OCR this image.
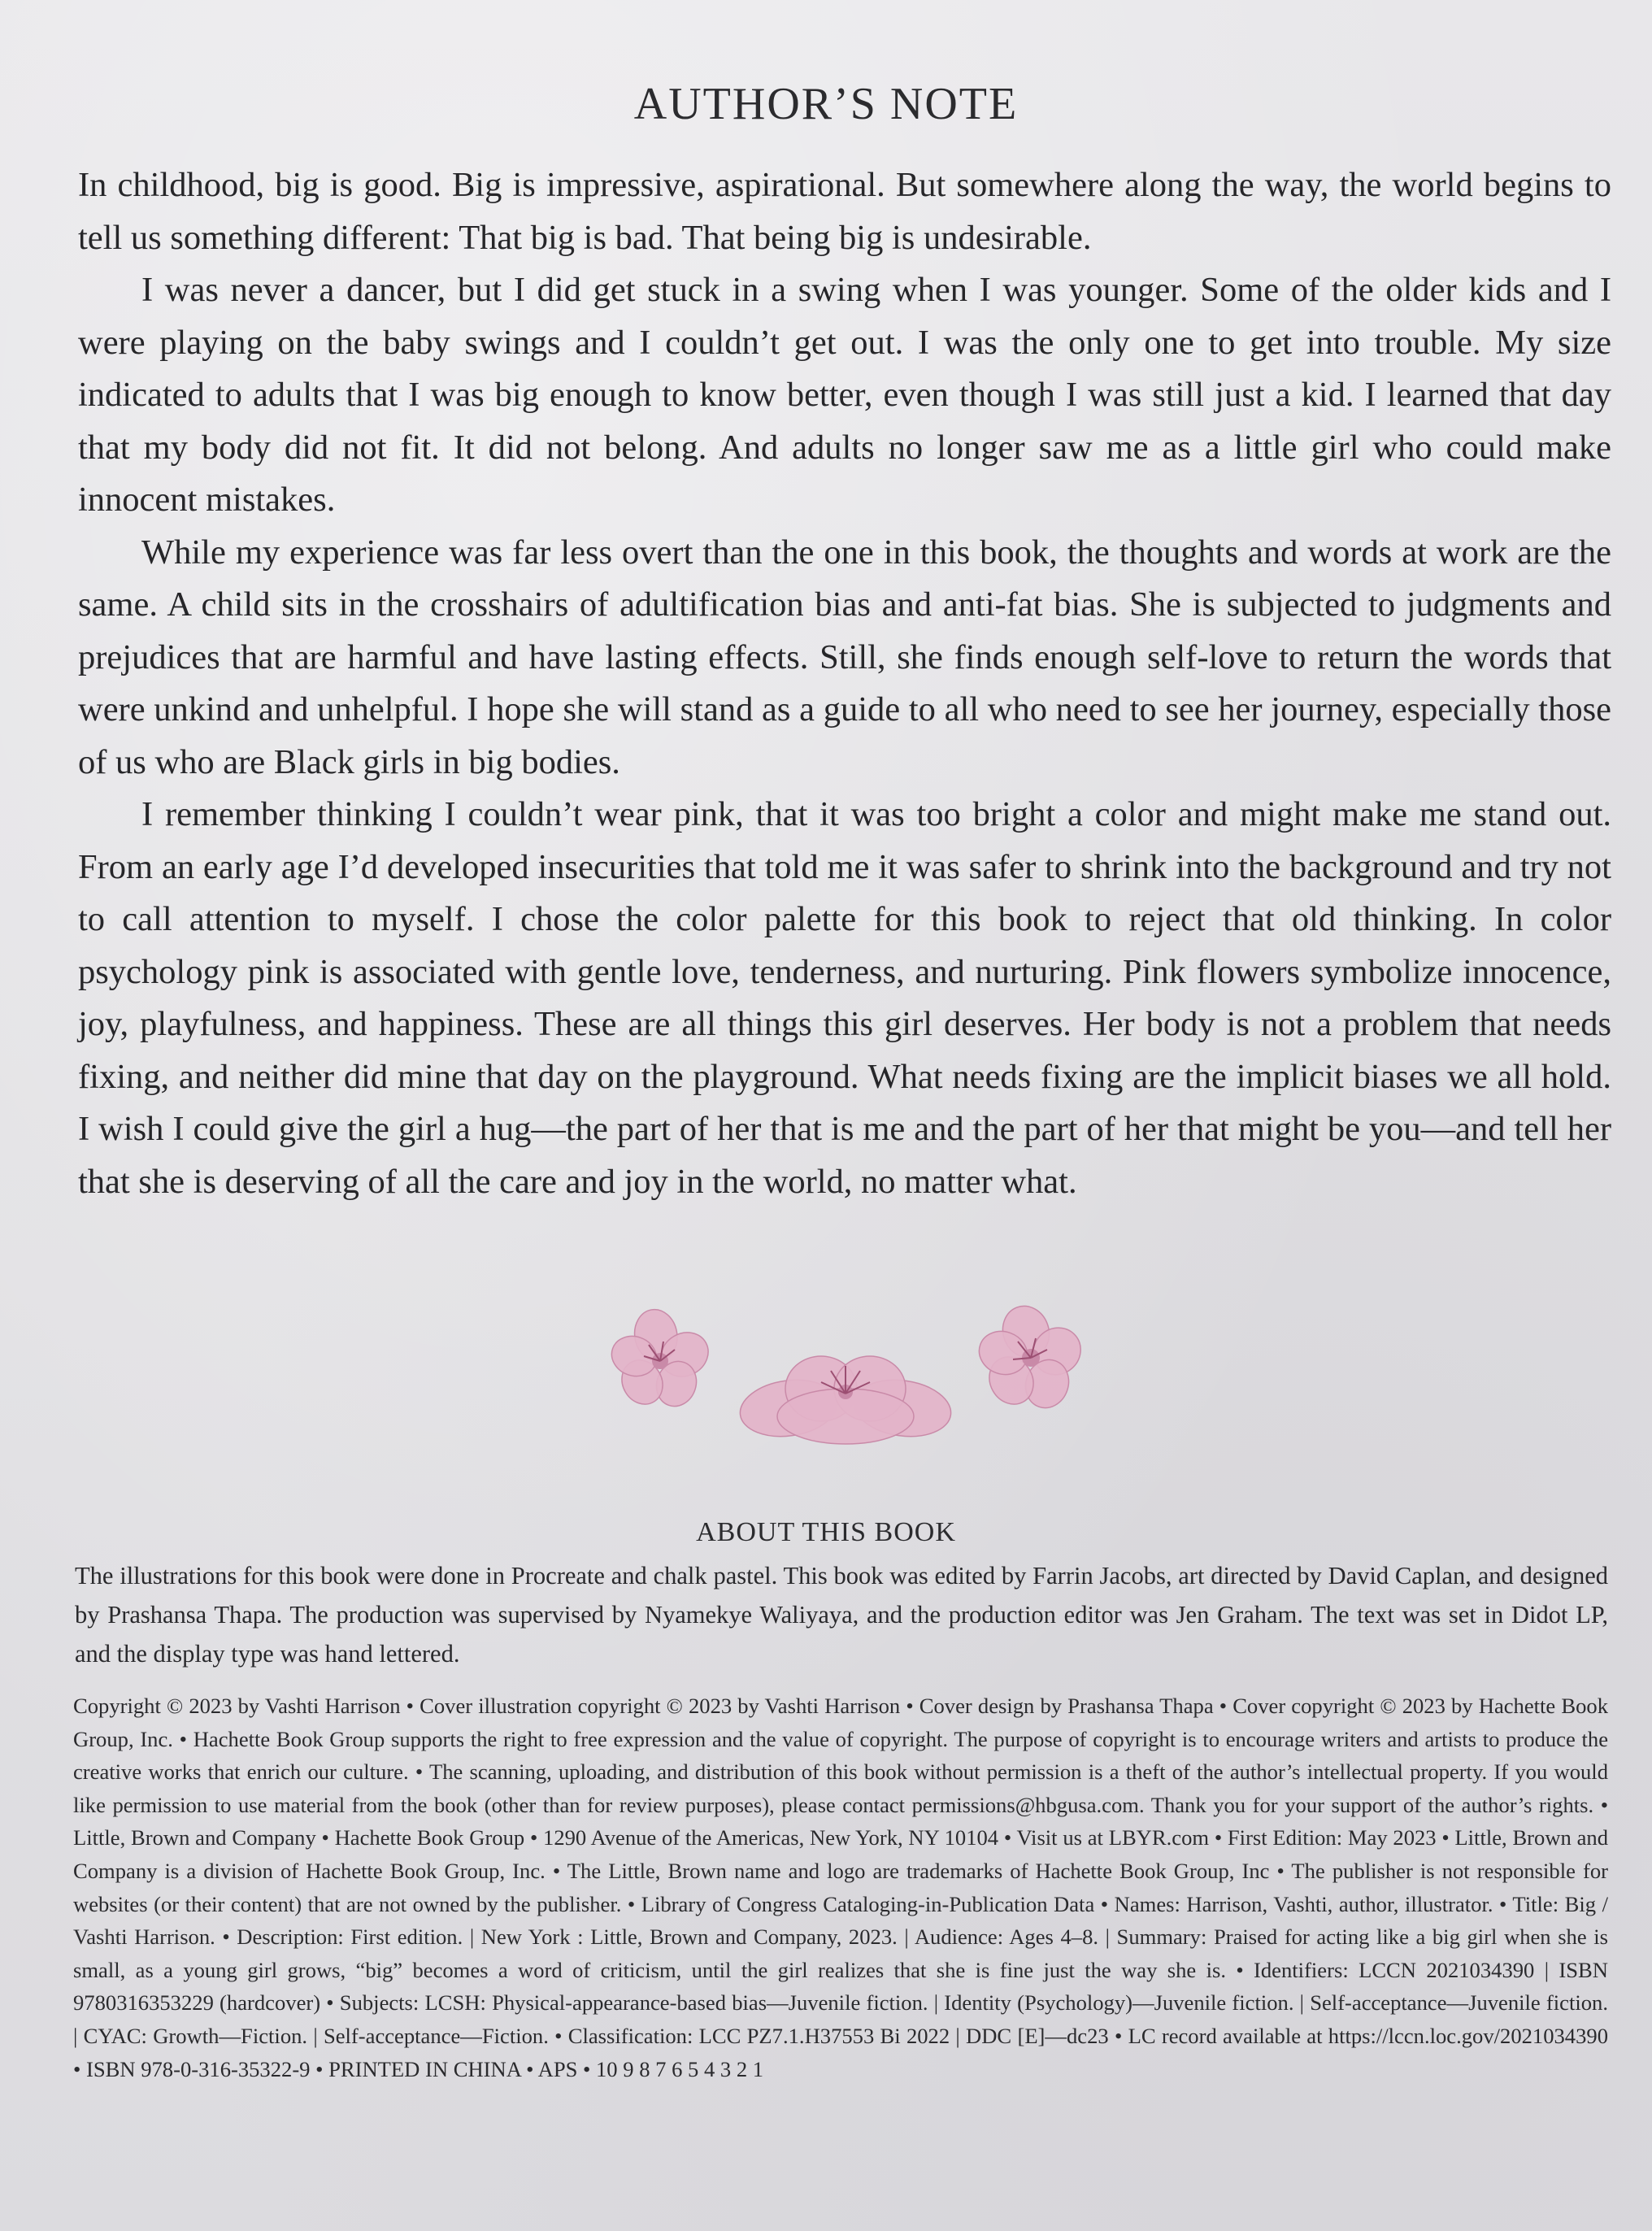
AUTHOR’S NOTE

In childhood, big is good. Big is impressive, aspirational. But somewhere along the way, the world begins to tell us something different: That big is bad. That being big is undesirable.

I was never a dancer, but I did get stuck in a swing when I was younger. Some of the older kids and I were playing on the baby swings and I couldn’t get out. I was the only one to get into trouble. My size indicated to adults that I was big enough to know better, even though I was still just a kid. I learned that day that my body did not fit. It did not belong. And adults no longer saw me as a little girl who could make innocent mistakes.

While my experience was far less overt than the one in this book, the thoughts and words at work are the same. A child sits in the crosshairs of adultification bias and anti-fat bias. She is subjected to judgments and prejudices that are harmful and have lasting effects. Still, she finds enough self-love to return the words that were unkind and unhelpful. I hope she will stand as a guide to all who need to see her journey, especially those of us who are Black girls in big bodies.

I remember thinking I couldn’t wear pink, that it was too bright a color and might make me stand out. From an early age I’d developed insecurities that told me it was safer to shrink into the background and try not to call attention to myself. I chose the color palette for this book to reject that old thinking. In color psychology pink is associated with gentle love, tenderness, and nurturing. Pink flowers symbolize innocence, joy, playfulness, and happiness. These are all things this girl deserves. Her body is not a problem that needs fixing, and neither did mine that day on the playground. What needs fixing are the implicit biases we all hold. I wish I could give the girl a hug—the part of her that is me and the part of her that might be you—and tell her that she is deserving of all the care and joy in the world, no matter what.

ABOUT THIS BOOK

The illustrations for this book were done in Procreate and chalk pastel. This book was edited by Farrin Jacobs, art directed by David Caplan, and designed by Prashansa Thapa. The production was supervised by Nyamekye Waliyaya, and the production editor was Jen Graham. The text was set in Didot LP, and the display type was hand lettered.

Copyright © 2023 by Vashti Harrison • Cover illustration copyright © 2023 by Vashti Harrison • Cover design by Prashansa Thapa • Cover copyright © 2023 by Hachette Book Group, Inc. • Hachette Book Group supports the right to free expression and the value of copyright. The purpose of copyright is to encourage writers and artists to produce the creative works that enrich our culture. • The scanning, uploading, and distribution of this book without permission is a theft of the author’s intellectual property. If you would like permission to use material from the book (other than for review purposes), please contact permissions@hbgusa.com. Thank you for your support of the author’s rights. • Little, Brown and Company • Hachette Book Group • 1290 Avenue of the Americas, New York, NY 10104 • Visit us at LBYR.com • First Edition: May 2023 • Little, Brown and Company is a division of Hachette Book Group, Inc. • The Little, Brown name and logo are trademarks of Hachette Book Group, Inc • The publisher is not responsible for websites (or their content) that are not owned by the publisher. • Library of Congress Cataloging-in-Publication Data • Names: Harrison, Vashti, author, illustrator. • Title: Big / Vashti Harrison. • Description: First edition. | New York : Little, Brown and Company, 2023. | Audience: Ages 4–8. | Summary: Praised for acting like a big girl when she is small, as a young girl grows, “big” becomes a word of criticism, until the girl realizes that she is fine just the way she is. • Identifiers: LCCN 2021034390 | ISBN 9780316353229 (hardcover) • Subjects: LCSH: Physical-appearance-based bias—Juvenile fiction. | Identity (Psychology)—Juvenile fiction. | Self-acceptance—Juvenile fiction. | CYAC: Growth—Fiction. | Self-acceptance—Fiction. • Classification: LCC PZ7.1.H37553 Bi 2022 | DDC [E]—dc23 • LC record available at https://lccn.loc.gov/2021034390 • ISBN 978-0-316-35322-9 • PRINTED IN CHINA • APS • 10 9 8 7 6 5 4 3 2 1
